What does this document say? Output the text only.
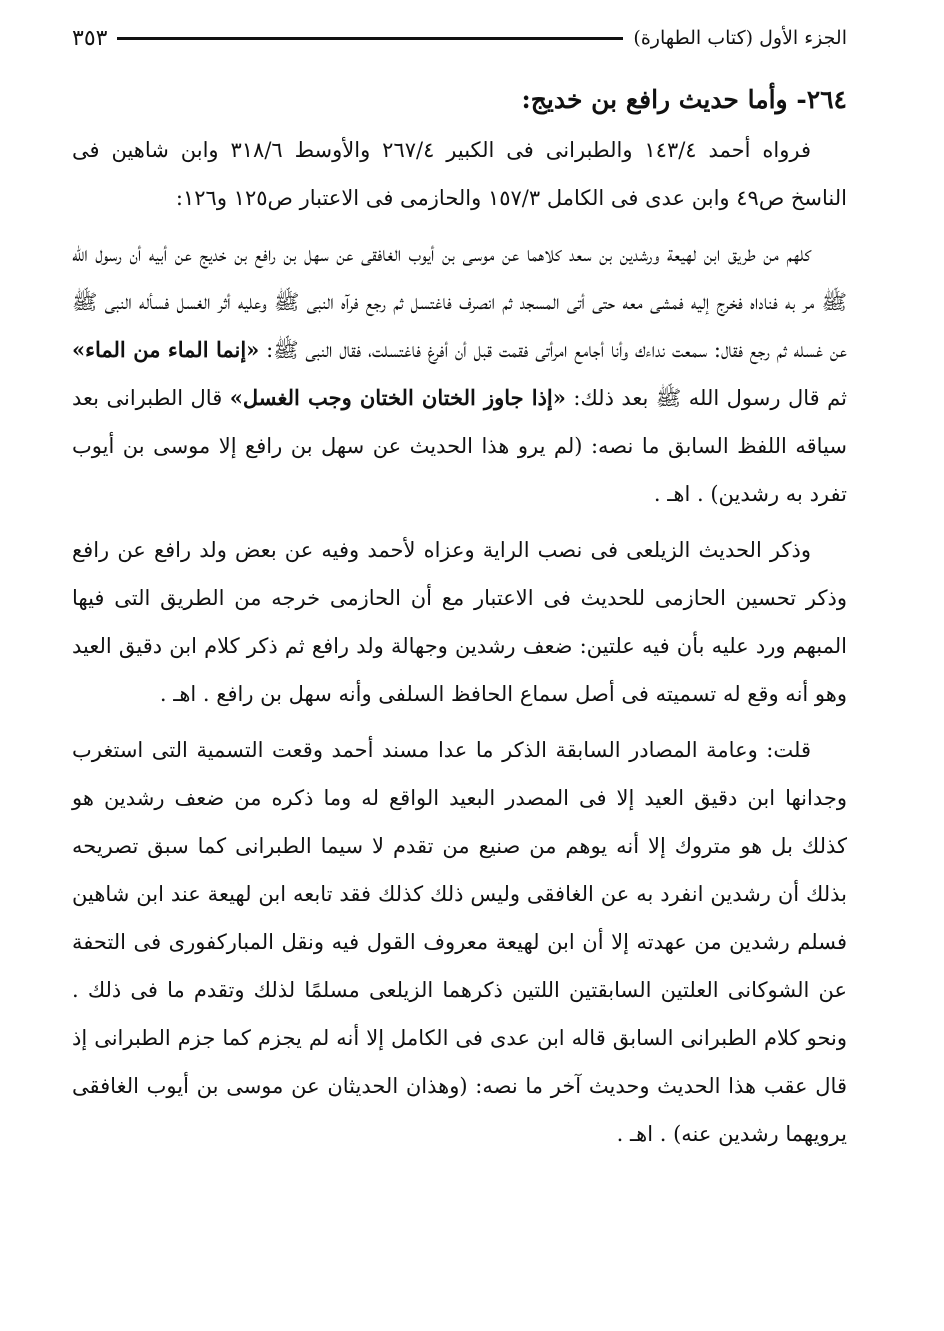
الجزء الأول (كتاب الطهارة)
٣٥٣
٢٦٤- وأما حديث رافع بن خديج:

فرواه أحمد ١٤٣/٤ والطبرانى فى الكبير ٢٦٧/٤ والأوسط ٣١٨/٦ وابن شاهين فى الناسخ ص٤٩ وابن عدى فى الكامل ١٥٧/٣ والحازمى فى الاعتبار ص١٢٥ و١٢٦:

كلهم من طريق ابن لهيعة ورشدين بن سعد كلاهما عن موسى بن أيوب الغافقى عن سهل بن رافع بن خديج عن أبيه أن رسول الله ﷺ مر به فناداه فخرج إليه فمشى معه حتى أتى المسجد ثم انصرف فاغتسل ثم رجع فرآه النبى ﷺ وعليه أثر الغسل فسأله النبى ﷺ عن غسله ثم رجع فقال: سمعت نداءك وأنا أجامع امرأتى فقمت قبل أن أفرغ فاغتسلت، فقال النبى ﷺ: «إنما الماء من الماء» ثم قال رسول الله ﷺ بعد ذلك: «إذا جاوز الختان الختان وجب الغسل» قال الطبرانى بعد سياقه اللفظ السابق ما نصه: (لم يرو هذا الحديث عن سهل بن رافع إلا موسى بن أيوب تفرد به رشدين) . اهـ .

وذكر الحديث الزيلعى فى نصب الراية وعزاه لأحمد وفيه عن بعض ولد رافع عن رافع وذكر تحسين الحازمى للحديث فى الاعتبار مع أن الحازمى خرجه من الطريق التى فيها المبهم ورد عليه بأن فيه علتين: ضعف رشدين وجهالة ولد رافع ثم ذكر كلام ابن دقيق العيد وهو أنه وقع له تسميته فى أصل سماع الحافظ السلفى وأنه سهل بن رافع . اهـ .

قلت: وعامة المصادر السابقة الذكر ما عدا مسند أحمد وقعت التسمية التى استغرب وجدانها ابن دقيق العيد إلا فى المصدر البعيد الواقع له وما ذكره من ضعف رشدين هو كذلك بل هو متروك إلا أنه يوهم من صنيع من تقدم لا سيما الطبرانى كما سبق تصريحه بذلك أن رشدين انفرد به عن الغافقى وليس ذلك كذلك فقد تابعه ابن لهيعة عند ابن شاهين فسلم رشدين من عهدته إلا أن ابن لهيعة معروف القول فيه ونقل المباركفورى فى التحفة عن الشوكانى العلتين السابقتين اللتين ذكرهما الزيلعى مسلمًا لذلك وتقدم ما فى ذلك . ونحو كلام الطبرانى السابق قاله ابن عدى فى الكامل إلا أنه لم يجزم كما جزم الطبرانى إذ قال عقب هذا الحديث وحديث آخر ما نصه: (وهذان الحديثان عن موسى بن أيوب الغافقى يرويهما رشدين عنه) . اهـ .
